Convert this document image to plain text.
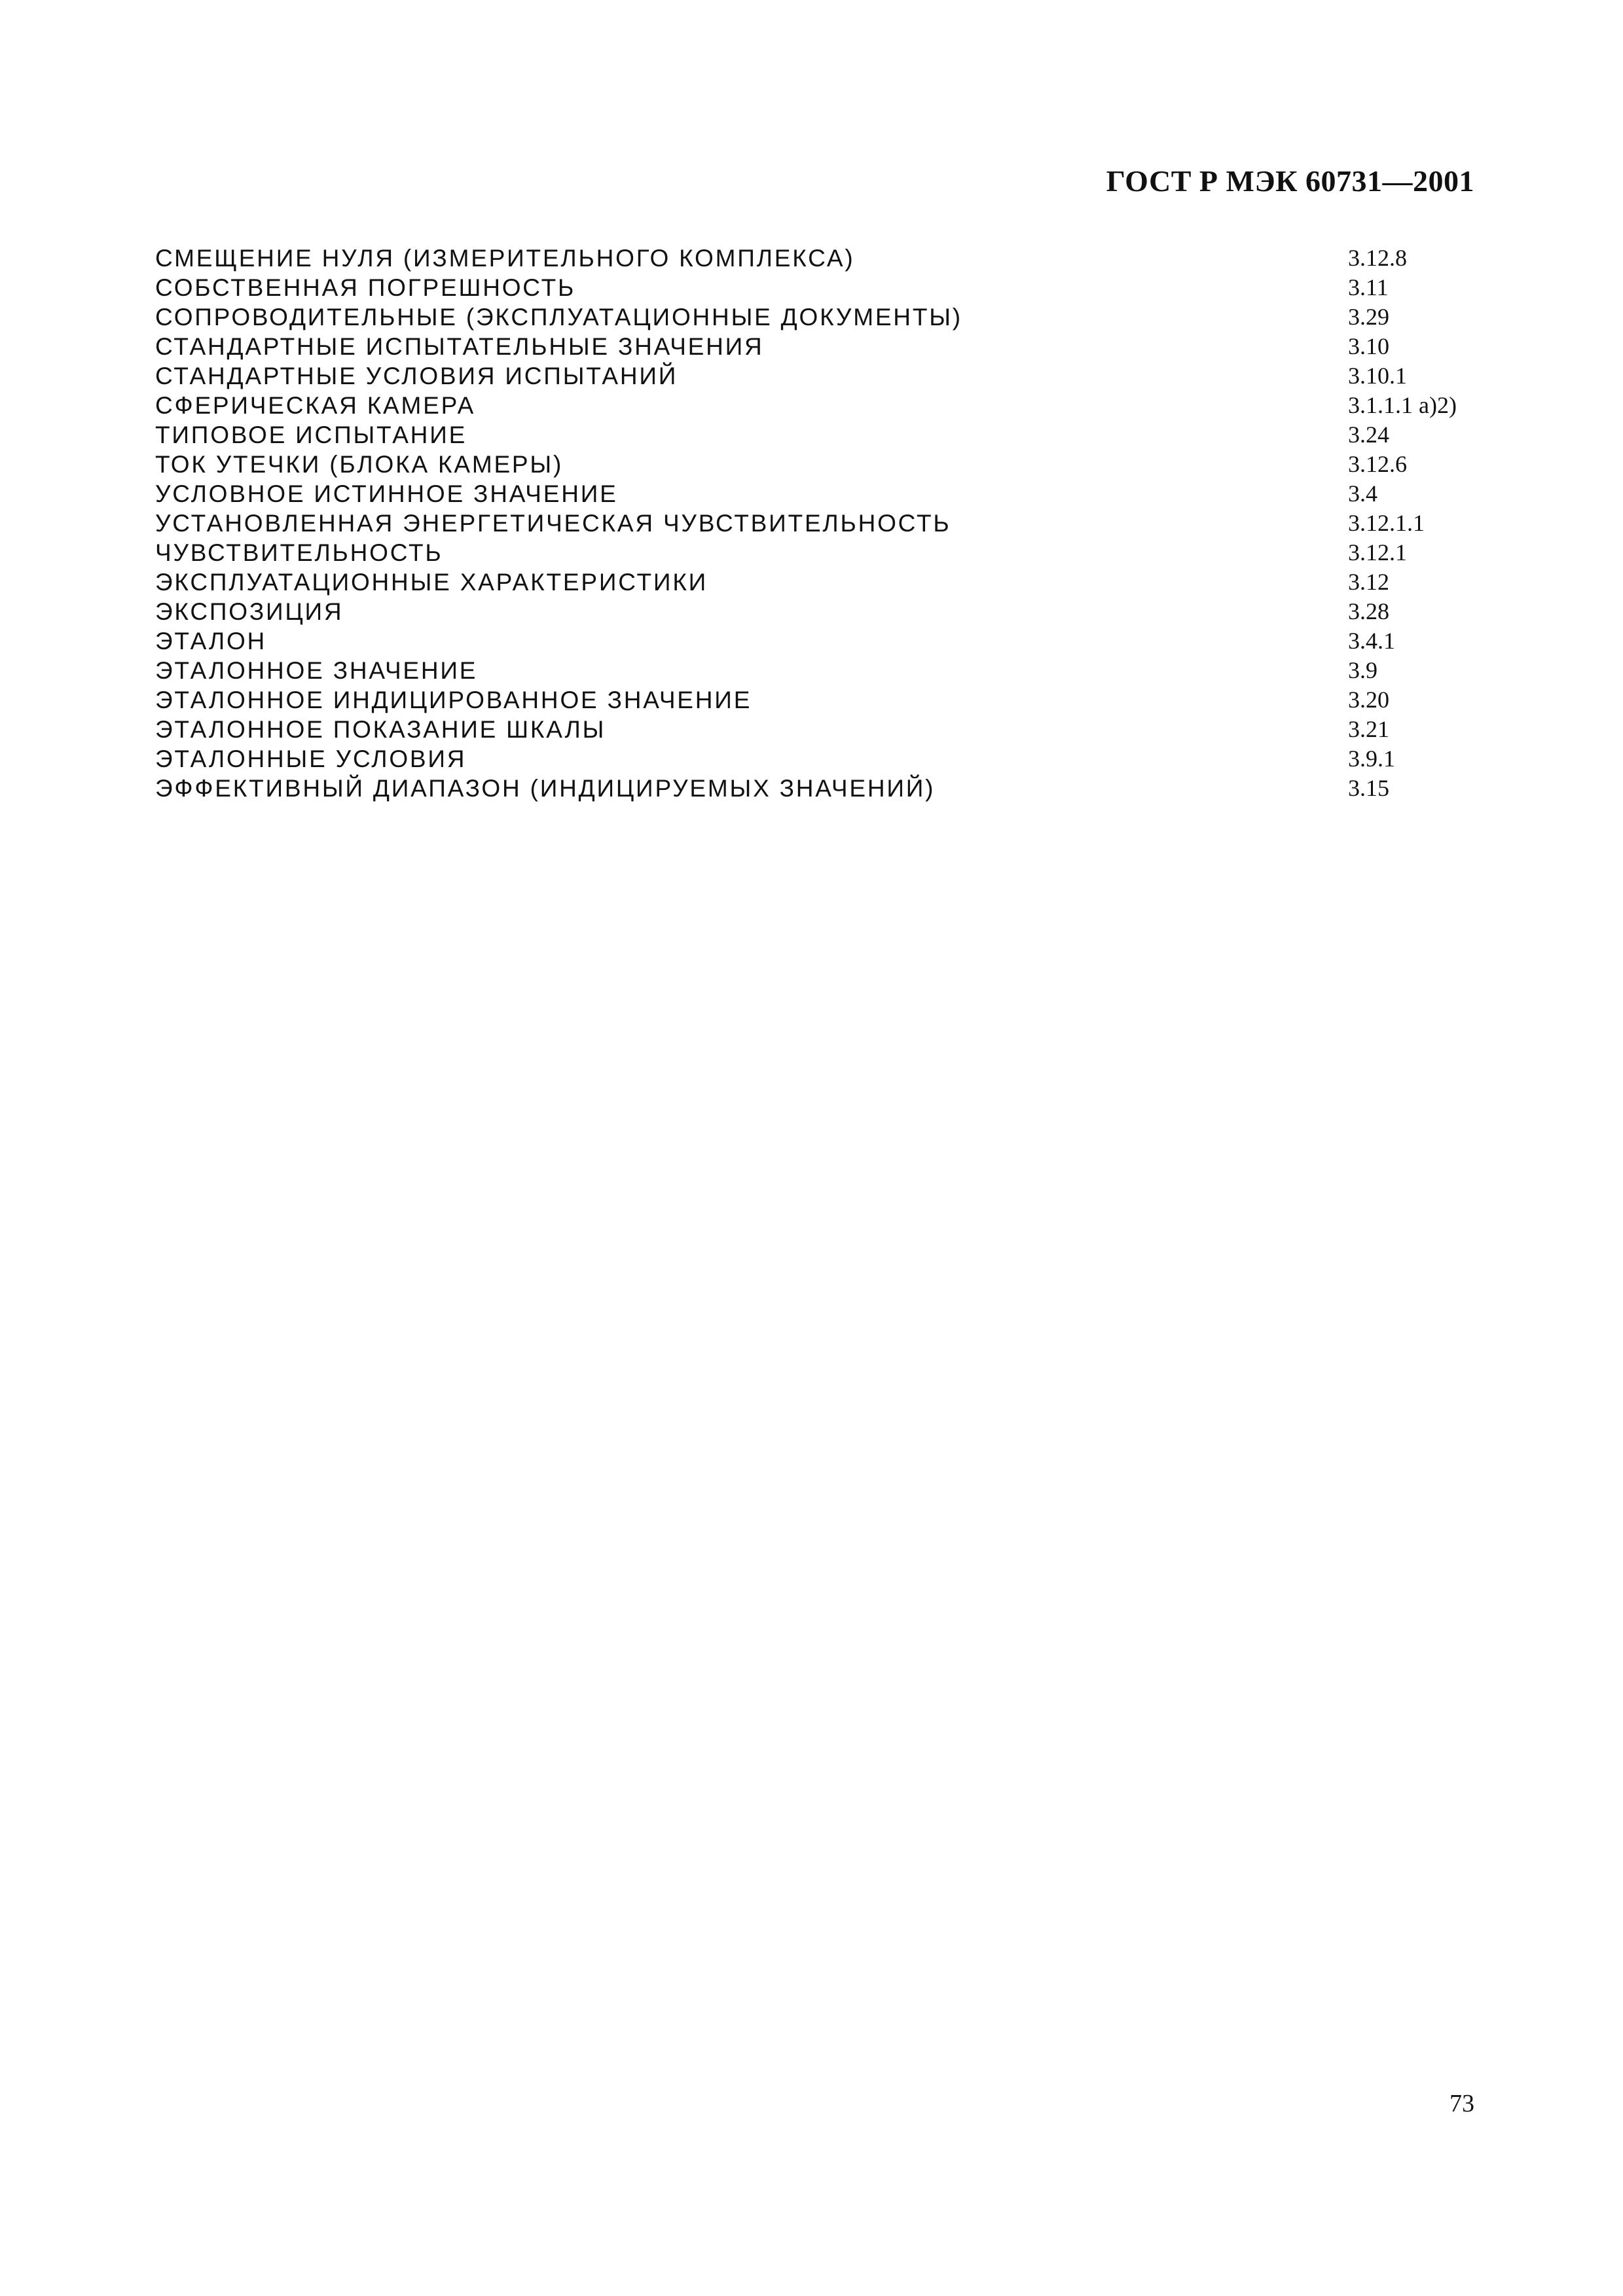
ГОСТ Р МЭК 60731—2001
СМЕЩЕНИЕ НУЛЯ (ИЗМЕРИТЕЛЬНОГО КОМПЛЕКСА)	3.12.8
СОБСТВЕННАЯ ПОГРЕШНОСТЬ	3.11
СОПРОВОДИТЕЛЬНЫЕ (ЭКСПЛУАТАЦИОННЫЕ ДОКУМЕНТЫ)	3.29
СТАНДАРТНЫЕ ИСПЫТАТЕЛЬНЫЕ ЗНАЧЕНИЯ	3.10
СТАНДАРТНЫЕ УСЛОВИЯ ИСПЫТАНИЙ	3.10.1
СФЕРИЧЕСКАЯ КАМЕРА	3.1.1.1 а)2)
ТИПОВОЕ ИСПЫТАНИЕ	3.24
ТОК УТЕЧКИ (БЛОКА КАМЕРЫ)	3.12.6
УСЛОВНОЕ ИСТИННОЕ ЗНАЧЕНИЕ	3.4
УСТАНОВЛЕННАЯ ЭНЕРГЕТИЧЕСКАЯ ЧУВСТВИТЕЛЬНОСТЬ	3.12.1.1
ЧУВСТВИТЕЛЬНОСТЬ	3.12.1
ЭКСПЛУАТАЦИОННЫЕ ХАРАКТЕРИСТИКИ	3.12
ЭКСПОЗИЦИЯ	3.28
ЭТАЛОН	3.4.1
ЭТАЛОННОЕ ЗНАЧЕНИЕ	3.9
ЭТАЛОННОЕ ИНДИЦИРОВАННОЕ ЗНАЧЕНИЕ	3.20
ЭТАЛОННОЕ ПОКАЗАНИЕ ШКАЛЫ	3.21
ЭТАЛОННЫЕ УСЛОВИЯ	3.9.1
ЭФФЕКТИВНЫЙ ДИАПАЗОН (ИНДИЦИРУЕМЫХ ЗНАЧЕНИЙ)	3.15
73
